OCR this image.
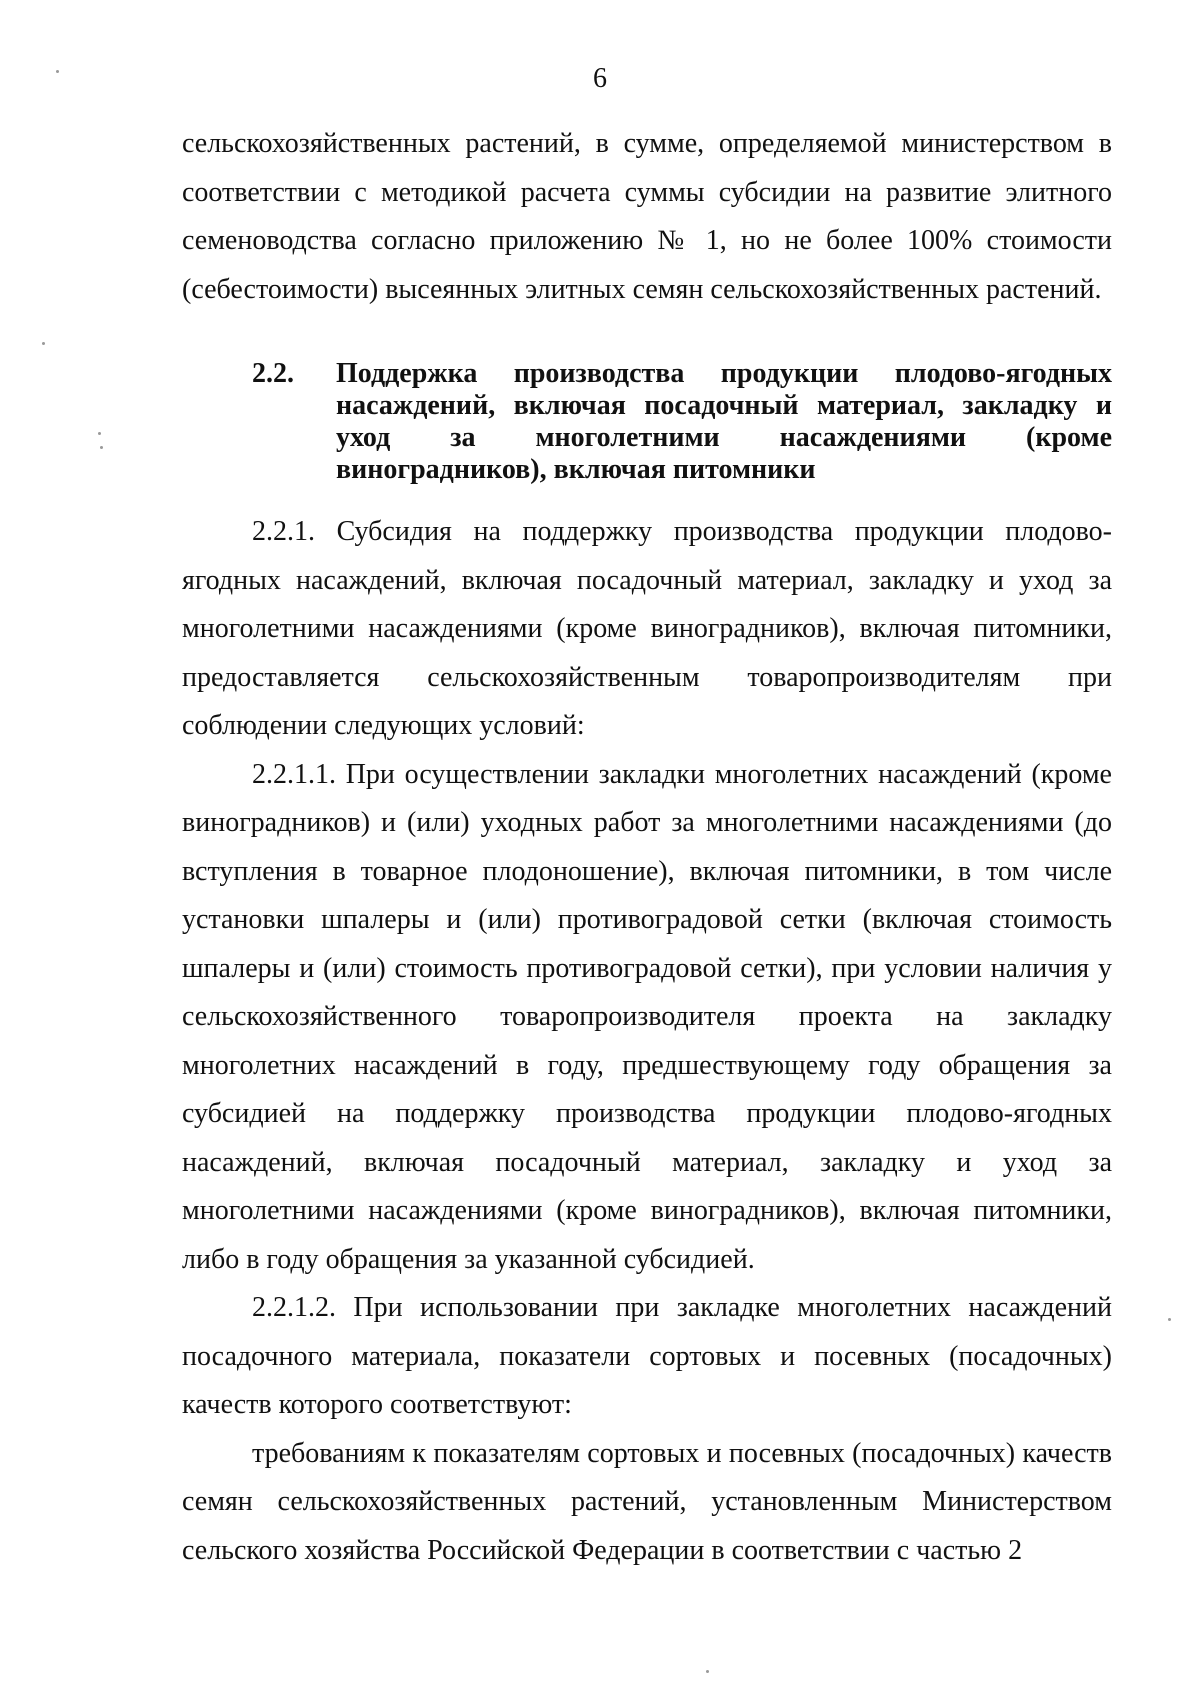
6

сельскохозяйственных растений, в сумме, определяемой министерством в соответствии с методикой расчета суммы субсидии на развитие элитного семеноводства согласно приложению № 1, но не более 100% стоимости (себестоимости) высеянных элитных семян сельскохозяйственных растений.

2.2.	Поддержка производства продукции плодово-ягодных насаждений, включая посадочный материал, закладку и уход за многолетними насаждениями (кроме виноградников), включая питомники

2.2.1. Субсидия на поддержку производства продукции плодово-ягодных насаждений, включая посадочный материал, закладку и уход за многолетними насаждениями (кроме виноградников), включая питомники, предоставляется сельскохозяйственным товаропроизводителям при соблюдении следующих условий:

2.2.1.1. При осуществлении закладки многолетних насаждений (кроме виноградников) и (или) уходных работ за многолетними насаждениями (до вступления в товарное плодоношение), включая питомники, в том числе установки шпалеры и (или) противоградовой сетки (включая стоимость шпалеры и (или) стоимость противоградовой сетки), при условии наличия у сельскохозяйственного товаропроизводителя проекта на закладку многолетних насаждений в году, предшествующему году обращения за субсидией на поддержку производства продукции плодово-ягодных насаждений, включая посадочный материал, закладку и уход за многолетними насаждениями (кроме виноградников), включая питомники, либо в году обращения за указанной субсидией.

2.2.1.2. При использовании при закладке многолетних насаждений посадочного материала, показатели сортовых и посевных (посадочных) качеств которого соответствуют:

требованиям к показателям сортовых и посевных (посадочных) качеств семян сельскохозяйственных растений, установленным Министерством сельского хозяйства Российской Федерации в соответствии с частью 2
